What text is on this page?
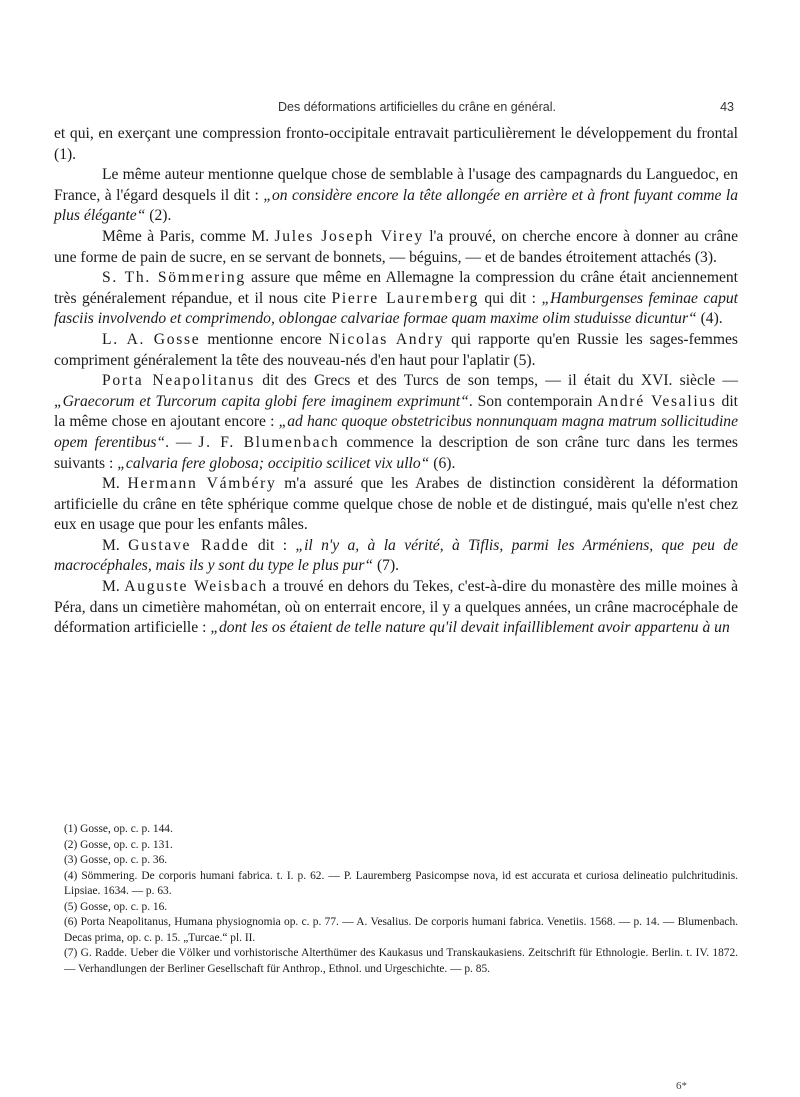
Des déformations artificielles du crâne en général.	43

et qui, en exerçant une compression fronto-occipitale entravait particulièrement le développement du frontal (1).

Le même auteur mentionne quelque chose de semblable à l'usage des campagnards du Languedoc, en France, à l'égard desquels il dit : „on considère encore la tête allongée en arrière et à front fuyant comme la plus élégante“ (2).

Même à Paris, comme M. Jules Joseph Virey l'a prouvé, on cherche encore à donner au crâne une forme de pain de sucre, en se servant de bonnets, — béguins, — et de bandes étroitement attachés (3).

S. Th. Sömmering assure que même en Allemagne la compression du crâne était anciennement très généralement répandue, et il nous cite Pierre Lauremberg qui dit : „Hamburgenses feminae caput fasciis involvendo et comprimendo, oblongae calvariae formae quam maxime olim studuisse dicuntur“ (4).

L. A. Gosse mentionne encore Nicolas Andry qui rapporte qu'en Russie les sages-femmes compriment généralement la tête des nouveau-nés d'en haut pour l'aplatir (5).

Porta Neapolitanus dit des Grecs et des Turcs de son temps, — il était du XVI. siècle — „Graecorum et Turcorum capita globi fere imaginem exprimunt“. Son contemporain André Vesalius dit la même chose en ajoutant encore : „ad hanc quoque obstetricibus nonnunquam magna matrum sollicitudine opem ferentibus“. — J. F. Blumenbach commence la description de son crâne turc dans les termes suivants : „calvaria fere globosa; occipitio scilicet vix ullo“ (6).

M. Hermann Vámbéry m'a assuré que les Arabes de distinction considèrent la déformation artificielle du crâne en tête sphérique comme quelque chose de noble et de distingué, mais qu'elle n'est chez eux en usage que pour les enfants mâles.

M. Gustave Radde dit : „il n'y a, à la vérité, à Tiflis, parmi les Arméniens, que peu de macrocéphales, mais ils y sont du type le plus pur“ (7).

M. Auguste Weisbach a trouvé en dehors du Tekes, c'est-à-dire du monastère des mille moines à Péra, dans un cimetière mahométan, où on enterrait encore, il y a quelques années, un crâne macrocéphale de déformation artificielle : „dont les os étaient de telle nature qu'il devait infailliblement avoir appartenu à un

(1) Gosse, op. c. p. 144.

(2) Gosse, op. c. p. 131.

(3) Gosse, op. c. p. 36.

(4) Sömmering. De corporis humani fabrica. t. I. p. 62. — P. Lauremberg Pasicompse nova, id est accurata et curiosa delineatio pulchritudinis. Lipsiae. 1634. — p. 63.

(5) Gosse, op. c. p. 16.

(6) Porta Neapolitanus, Humana physiognomia op. c. p. 77. — A. Vesalius. De corporis humani fabrica. Venetiis. 1568. — p. 14. — Blumenbach. Decas prima, op. c. p. 15. „Turcae.“ pl. II.

(7) G. Radde. Ueber die Völker und vorhistorische Alterthümer des Kaukasus und Transkaukasiens. Zeitschrift für Ethnologie. Berlin. t. IV. 1872. — Verhandlungen der Berliner Gesellschaft für Anthrop., Ethnol. und Urgeschichte. — p. 85.

6*
